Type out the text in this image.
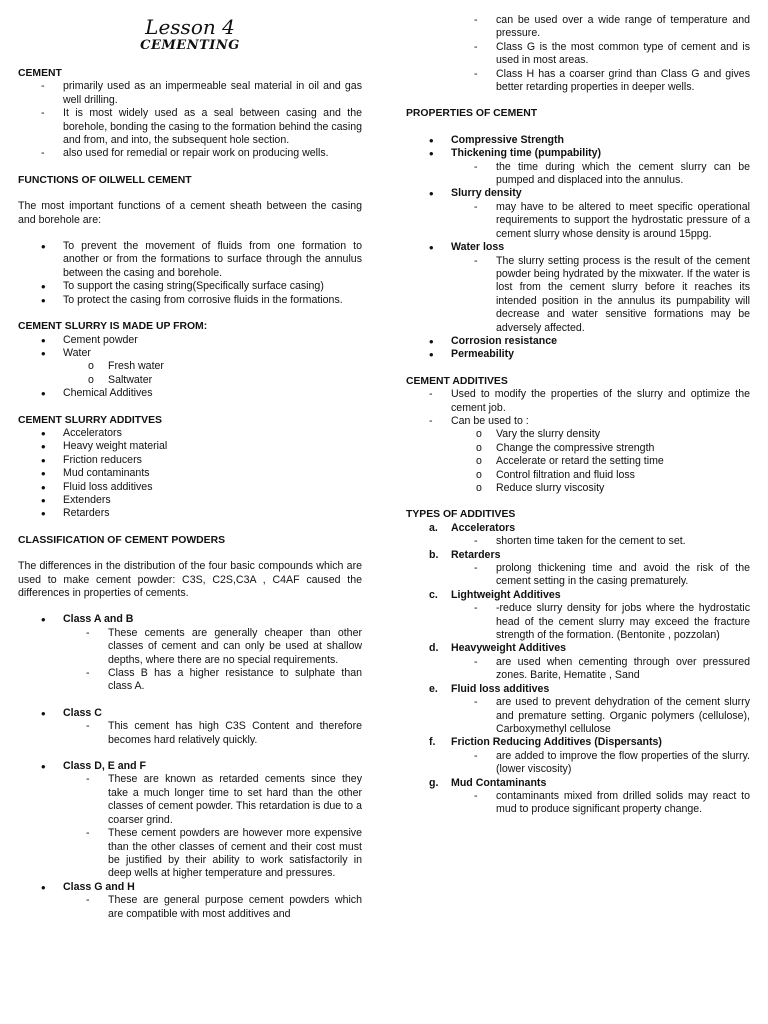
Lesson 4
CEMENTING
CEMENT
- primarily used as an impermeable seal material in oil and gas well drilling.
- It is most widely used as a seal between casing and the borehole, bonding the casing to the formation behind the casing and from, and into, the subsequent hole section.
- also used for remedial or repair work on producing wells.
FUNCTIONS OF OILWELL CEMENT

The most important functions of a cement sheath between the casing and borehole are:

• To prevent the movement of fluids from one formation to another or from the formations to surface through the annulus between the casing and borehole.
• To support the casing string(Specifically surface casing)
• To protect the casing from corrosive fluids in the formations.
CEMENT SLURRY IS MADE UP FROM:
• Cement powder
• Water
o Fresh water
o Saltwater
• Chemical Additives
CEMENT SLURRY ADDITVES
• Accelerators
• Heavy weight material
• Friction reducers
• Mud contaminants
• Fluid loss additives
• Extenders
• Retarders
CLASSIFICATION OF CEMENT POWDERS

The differences in the distribution of the four basic compounds which are used to make cement powder: C3S, C2S,C3A , C4AF caused the differences in properties of cements.

• Class A and B
- These cements are generally cheaper than other classes of cement and can only be used at shallow depths, where there are no special requirements.
- Class B has a higher resistance to sulphate than class A.
• Class C
- This cement has high C3S Content and therefore becomes hard relatively quickly.
• Class D, E and F
- These are known as retarded cements since they take a much longer time to set hard than the other classes of cement powder. This retardation is due to a coarser grind.
- These cement powders are however more expensive than the other classes of cement and their cost must be justified by their ability to work satisfactorily in deep wells at higher temperature and pressures.
• Class G and H
- These are general purpose cement powders which are compatible with most additives and
- can be used over a wide range of temperature and pressure.
- Class G is the most common type of cement and is used in most areas.
- Class H has a coarser grind than Class G and gives better retarding properties in deeper wells.
PROPERTIES OF CEMENT
• Compressive Strength
• Thickening time (pumpability)
- the time during which the cement slurry can be pumped and displaced into the annulus.
• Slurry density
- may have to be altered to meet specific operational requirements to support the hydrostatic pressure of a cement slurry whose density is around 15ppg.
• Water loss
- The slurry setting process is the result of the cement powder being hydrated by the mixwater. If the water is lost from the cement slurry before it reaches its intended position in the annulus its pumpability will decrease and water sensitive formations may be adversely affected.
• Corrosion resistance
• Permeability
CEMENT ADDITIVES
- Used to modify the properties of the slurry and optimize the cement job.
- Can be used to :
o Vary the slurry density
o Change the compressive strength
o Accelerate or retard the setting time
o Control filtration and fluid loss
o Reduce slurry viscosity
TYPES OF ADDITIVES
a. Accelerators
- shorten time taken for the cement to set.
b. Retarders
- prolong thickening time and avoid the risk of the cement setting in the casing prematurely.
c. Lightweight Additives
- -reduce slurry density for jobs where the hydrostatic head of the cement slurry may exceed the fracture strength of the formation. (Bentonite , pozzolan)
d. Heavyweight Additives
- are used when cementing through over pressured zones. Barite, Hematite , Sand
e. Fluid loss additives
- are used to prevent dehydration of the cement slurry and premature setting. Organic polymers (cellulose), Carboxymethyl cellulose
f. Friction Reducing Additives (Dispersants)
- are added to improve the flow properties of the slurry. (lower viscosity)
g. Mud Contaminants
- contaminants mixed from drilled solids may react to mud to produce significant property change.
